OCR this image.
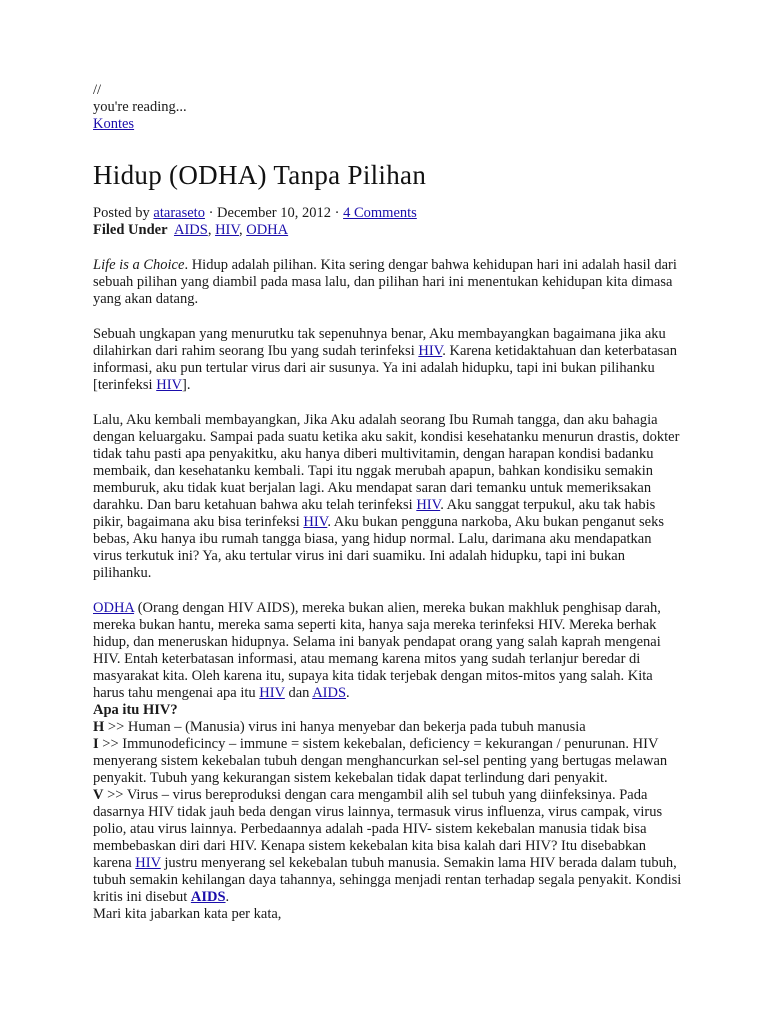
//
you're reading...
Kontes
Hidup (ODHA) Tanpa Pilihan
Posted by ataraseto · December 10, 2012 · 4 Comments
Filed Under AIDS, HIV, ODHA

Life is a Choice. Hidup adalah pilihan. Kita sering dengar bahwa kehidupan hari ini adalah hasil dari sebuah pilihan yang diambil pada masa lalu, dan pilihan hari ini menentukan kehidupan kita dimasa yang akan datang.

Sebuah ungkapan yang menurutku tak sepenuhnya benar, Aku membayangkan bagaimana jika aku dilahirkan dari rahim seorang Ibu yang sudah terinfeksi HIV. Karena ketidaktahuan dan keterbatasan informasi, aku pun tertular virus dari air susunya. Ya ini adalah hidupku, tapi ini bukan pilihanku [terinfeksi HIV].

Lalu, Aku kembali membayangkan, Jika Aku adalah seorang Ibu Rumah tangga, dan aku bahagia dengan keluargaku. Sampai pada suatu ketika aku sakit, kondisi kesehatanku menurun drastis, dokter tidak tahu pasti apa penyakitku, aku hanya diberi multivitamin, dengan harapan kondisi badanku membaik, dan kesehatanku kembali. Tapi itu nggak merubah apapun, bahkan kondisiku semakin memburuk, aku tidak kuat berjalan lagi. Aku mendapat saran dari temanku untuk memeriksakan darahku. Dan baru ketahuan bahwa aku telah terinfeksi HIV. Aku sanggat terpukul, aku tak habis pikir, bagaimana aku bisa terinfeksi HIV. Aku bukan pengguna narkoba, Aku bukan penganut seks bebas, Aku hanya ibu rumah tangga biasa, yang hidup normal. Lalu, darimana aku mendapatkan virus terkutuk ini? Ya, aku tertular virus ini dari suamiku. Ini adalah hidupku, tapi ini bukan pilihanku.

ODHA (Orang dengan HIV AIDS), mereka bukan alien, mereka bukan makhluk penghisap darah, mereka bukan hantu, mereka sama seperti kita, hanya saja mereka terinfeksi HIV. Mereka berhak hidup, dan meneruskan hidupnya. Selama ini banyak pendapat orang yang salah kaprah mengenai HIV. Entah keterbatasan informasi, atau memang karena mitos yang sudah terlanjur beredar di masyarakat kita. Oleh karena itu, supaya kita tidak terjebak dengan mitos-mitos yang salah. Kita harus tahu mengenai apa itu HIV dan AIDS.

Apa itu HIV?

H >> Human – (Manusia) virus ini hanya menyebar dan bekerja pada tubuh manusia

I >> Immunodeficincy – immune = sistem kekebalan, deficiency = kekurangan / penurunan. HIV menyerang sistem kekebalan tubuh dengan menghancurkan sel-sel penting yang bertugas melawan penyakit. Tubuh yang kekurangan sistem kekebalan tidak dapat terlindung dari penyakit.

V >> Virus – virus bereproduksi dengan cara mengambil alih sel tubuh yang diinfeksinya. Pada dasarnya HIV tidak jauh beda dengan virus lainnya, termasuk virus influenza, virus campak, virus polio, atau virus lainnya. Perbedaannya adalah -pada HIV- sistem kekebalan manusia tidak bisa membebaskan diri dari HIV. Kenapa sistem kekebalan kita bisa kalah dari HIV? Itu disebabkan karena HIV justru menyerang sel kekebalan tubuh manusia. Semakin lama HIV berada dalam tubuh, tubuh semakin kehilangan daya tahannya, sehingga menjadi rentan terhadap segala penyakit. Kondisi kritis ini disebut AIDS.

Mari kita jabarkan kata per kata,
